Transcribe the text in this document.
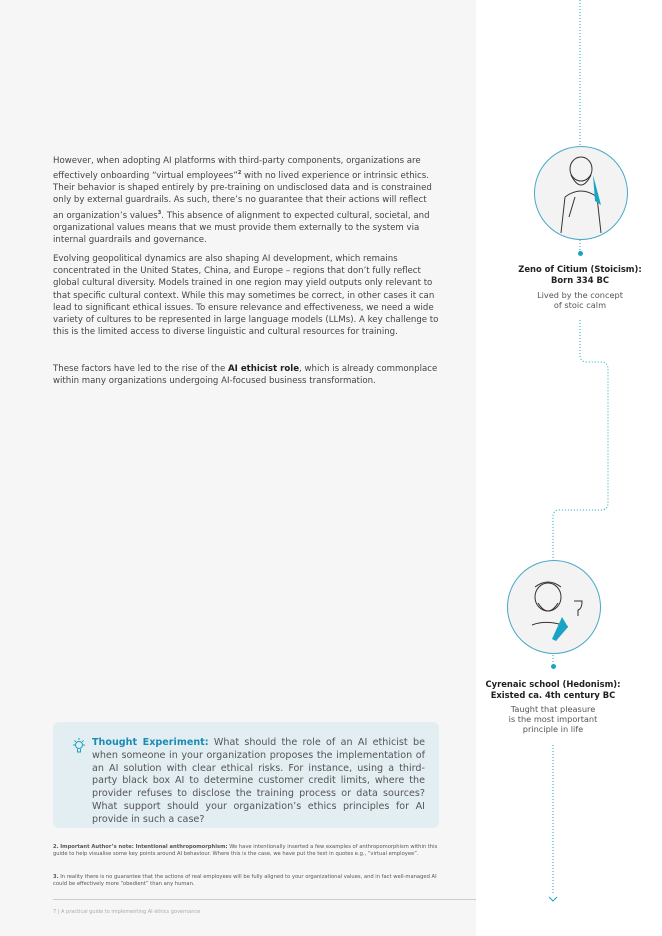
However, when adopting AI platforms with third-party components, organizations are effectively onboarding “virtual employees”$^2$ with no lived experience or intrinsic ethics. Their behavior is shaped entirely by pre-training on undisclosed data and is constrained only by external guardrails. As such, there’s no guarantee that their actions will reflect an organization’s values$^3$. This absence of alignment to expected cultural, societal, and organizational values means that we must provide them externally to the system via internal guardrails and governance.

Evolving geopolitical dynamics are also shaping AI development, which remains concentrated in the United States, China, and Europe – regions that don’t fully reflect global cultural diversity. Models trained in one region may yield outputs only relevant to that specific cultural context. While this may sometimes be correct, in other cases it can lead to significant ethical issues. To ensure relevance and effectiveness, we need a wide variety of cultures to be represented in large language models (LLMs). A key challenge to this is the limited access to diverse linguistic and cultural resources for training.

These factors have led to the rise of the AI ethicist role, which is already commonplace within many organizations undergoing AI-focused business transformation.

Thought Experiment: What should the role of an AI ethicist be when someone in your organization proposes the implementation of an AI solution with clear ethical risks. For instance, using a third-party black box AI to determine customer credit limits, where the provider refuses to disclose the training process or data sources? What support should your organization’s ethics principles for AI provide in such a case?

2. Important Author’s note: Intentional anthropomorphism: We have intentionally inserted a few examples of anthropomorphism within this guide to help visualise some key points around AI behaviour. Where this is the case, we have put the text in quotes e.g., “virtual employee”.

3. In reality there is no guarantee that the actions of real employees will be fully aligned to your organizational values, and in fact well-managed AI could be effectively more “obedient” than any human.

7 | A practical guide to implementing AI ethics governance
Zeno of Citium (Stoicism):
Born 334 BC
Lived by the concept
of stoic calm
Cyrenaic school (Hedonism):
Existed ca. 4th century BC
Taught that pleasure
is the most important
principle in life
